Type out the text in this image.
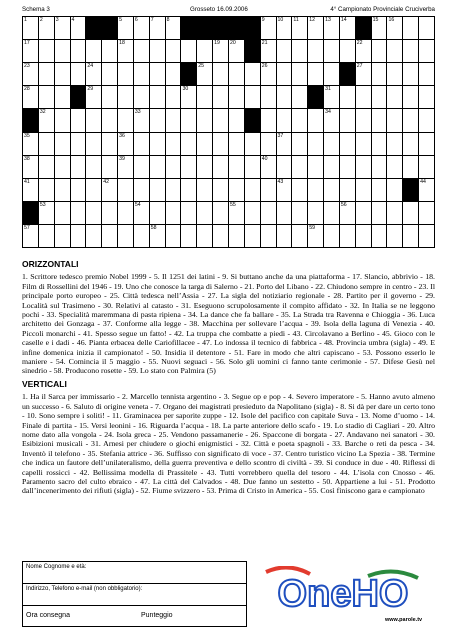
Schema 3	Grosseto 16.09.2006	4° Campionato Provinciale Cruciverba
1 2 3 4	5 6 7 8	9 10 11 12 13 14	15 16
17	18	19 20	21	22
23	24	25	26	27
28	29	30	31
32	33	34
35	36	37
38	39	40
41	42	43	44
53	54	55	56
57	58	59
ORIZZONTALI
1. Scrittore tedesco premio Nobel 1999 - 5. Il 1251 dei latini - 9. Si buttano anche da una piattaforma - 17. Slancio, abbrivio - 18. Film di Rossellini del 1946 - 19. Uno che conosce la targa di Salerno - 21. Porto del Libano - 22. Chiudono sempre in centro - 23. Il principale porto europeo - 25. Città tedesca nell’Assia - 27. La sigla del notiziario regionale - 28. Partito per il governo - 29. Località sul Trasimeno - 30. Relativi al catasto - 31. Eseguono scrupolosamente il compito affidato - 32. In Italia se ne leggono pochi - 33. Specialità maremmana di pasta ripiena - 34. La dance che fa ballare - 35. La Strada tra Ravenna e Chioggia - 36. Luca architetto dei Gonzaga - 37. Conforme alla legge - 38. Macchina per sollevare l’acqua - 39. Isola della laguna di Venezia - 40. Piccoli monarchi - 41. Spesso segue un fatto! - 42. La truppa che combatte a piedi - 43. Circolavano a Berlino - 45. Gioco con le caselle e i dadi - 46. Pianta erbacea delle Cariofillacee - 47. Lo indossa il tecnico di fabbrica - 48. Provincia umbra (sigla) - 49. E infine domenica inizia il campionato! - 50. Insidia il detentore - 51. Fare in modo che altri capiscano - 53. Possono esserlo le maniere - 54. Comincia il 5 maggio - 55. Nuovi seguaci - 56. Solo gli uomini ci fanno tante cerimonie - 57. Difese Gesù nel sinedrio - 58. Producono rosette - 59. Lo stato con Palmira (5)
VERTICALI
1. Ha il Sarca per immissario - 2. Marcello tennista argentino - 3. Segue op e pop - 4. Severo imperatore - 5. Hanno avuto almeno un successo - 6. Saluto di origine veneta - 7. Organo dei magistrati presieduto da Napolitano (sigla) - 8. Si dà per dare un certo tono - 10. Sono sempre i soliti! - 11. Graminacea per saporite zuppe - 12. Isole del pacifico con capitale Suva - 13. Nome d’uomo - 14. Finale di partita - 15. Versi leonini - 16. Riguarda l’acqua - 18. La parte anteriore dello scafo - 19. Lo stadio di Cagliari - 20. Altro nome dato alla vongola - 24. Isola greca - 25. Vendono passamanerie - 26. Spaccone di borgata - 27. Andavano nei sanatori - 30. Esibizioni musicali - 31. Arnesi per chiudere o giochi enigmistici - 32. Città e poeta spagnoli - 33. Barche o reti da pesca - 34. Inventò il telefono - 35. Stefania attrice - 36. Suffisso con significato di voce - 37. Centro turistico vicino La Spezia - 38. Termine che indica un fautore dell’unilateralismo, della guerra preventiva e dello scontro di civiltà - 39. Si conduce in due - 40. Riflessi di capelli rossicci - 42. Bellissima modella di Prassitele - 43. Tutti vorrebbero quella del tesoro - 44. L’isola con Cnosso - 46. Paramento sacro del culto ebraico - 47. La città del Calvados - 48. Due fanno un sestetto - 50. Appartiene a lui - 51. Prodotto dall’incenerimento dei rifiuti (sigla) - 52. Fiume svizzero - 53. Prima di Cristo in America - 55. Così finiscono gara e campionato
Nome Cognome e età:
Indirizzo, Telefono e-mail (non obbligatorio):
Ora consegna	Punteggio
OneHO
www.parole.tv
